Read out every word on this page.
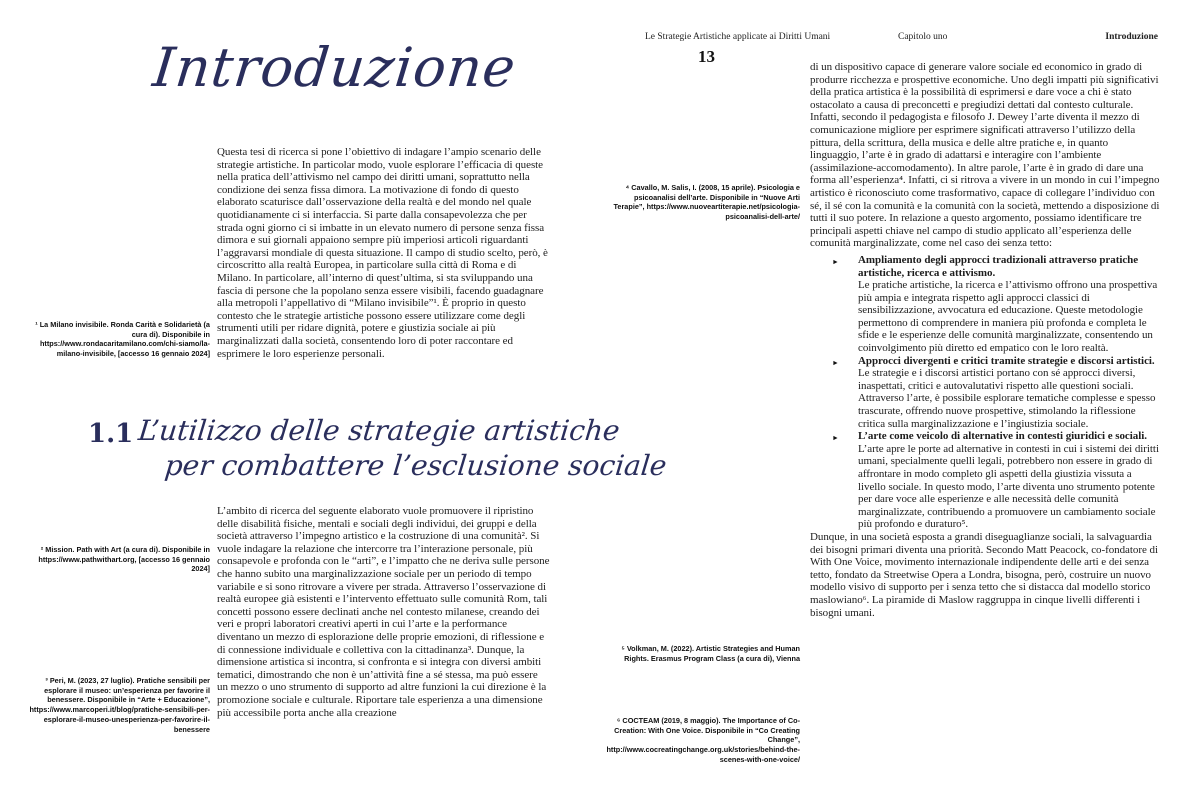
Introduzione
Questa tesi di ricerca si pone l’obiettivo di indagare l’ampio scenario delle strategie artistiche. In particolar modo, vuole esplorare l’efficacia di queste nella pratica dell’attivismo nel campo dei diritti umani, soprattutto nella condizione dei senza fissa dimora. La motivazione di fondo di questo elaborato scaturisce dall’osservazione della realtà e del mondo nel quale quotidianamente ci si interfaccia. Si parte dalla consapevolezza che per strada ogni giorno ci si imbatte in un elevato numero di persone senza fissa dimora e sui giornali appaiono sempre più imperiosi articoli riguardanti l’aggravarsi mondiale di questa situazione. Il campo di studio scelto, però, è circoscritto alla realtà Europea, in particolare sulla città di Roma e di Milano. In particolare, all’interno di quest’ultima, si sta sviluppando una fascia di persone che la popolano senza essere visibili, facendo guadagnare alla metropoli l’appellativo di “Milano invisibile”¹. È proprio in questo contesto che le strategie artistiche possono essere utilizzare come degli strumenti utili per ridare dignità, potere e giustizia sociale ai più marginalizzati dalla società, consentendo loro di poter raccontare ed esprimere le loro esperienze personali.
¹ La Milano invisibile. Ronda Carità e Solidarietà (a cura di). Disponibile in https://www.rondacaritamilano.com/chi-siamo/la-milano-invisibile, [accesso 16 gennaio 2024]
1.1 L’utilizzo delle strategie artistiche
per combattere l’esclusione sociale
L’ambito di ricerca del seguente elaborato vuole promuovere il ripristino delle disabilità fisiche, mentali e sociali degli individui, dei gruppi e della società attraverso l’impegno artistico e la costruzione di una comunità². Si vuole indagare la relazione che intercorre tra l’interazione personale, più consapevole e profonda con le “arti”, e l’impatto che ne deriva sulle persone che hanno subito una marginalizzazione sociale per un periodo di tempo variabile e si sono ritrovare a vivere per strada. Attraverso l’osservazione di realtà europee già esistenti e l’intervento effettuato sulle comunità Rom, tali concetti possono essere declinati anche nel contesto milanese, creando dei veri e propri laboratori creativi aperti in cui l’arte e la performance diventano un mezzo di esplorazione delle proprie emozioni, di riflessione e di connessione individuale e collettiva con la cittadinanza³. Dunque, la dimensione artistica si incontra, si confronta e si integra con diversi ambiti tematici, dimostrando che non è un’attività fine a sé stessa, ma può essere un mezzo o uno strumento di supporto ad altre funzioni la cui direzione è la promozione sociale e culturale. Riportare tale esperienza a una dimensione più accessibile porta anche alla creazione
² Mission. Path with Art (a cura di). Disponibile in https://www.pathwithart.org, [accesso 16 gennaio 2024]
³ Peri, M. (2023, 27 luglio). Pratiche sensibili per esplorare il museo: un’esperienza per favorire il benessere. Disponibile in “Arte + Educazione”, https://www.marcoperi.it/blog/pratiche-sensibili-per-esplorare-il-museo-unesperienza-per-favorire-il-benessere
Le Strategie Artistiche applicate ai Diritti Umani	Capitolo uno	Introduzione
13

di un dispositivo capace di generare valore sociale ed economico in grado di produrre ricchezza e prospettive economiche. Uno degli impatti più significativi della pratica artistica è la possibilità di esprimersi e dare voce a chi è stato ostacolato a causa di preconcetti e pregiudizi dettati dal contesto culturale. Infatti, secondo il pedagogista e filosofo J. Dewey l’arte diventa il mezzo di comunicazione migliore per esprimere significati attraverso l’utilizzo della pittura, della scrittura, della musica e delle altre pratiche e, in quanto linguaggio, l’arte è in grado di adattarsi e interagire con l’ambiente (assimilazione-accomodamento). In altre parole, l’arte è in grado di dare una forma all’esperienza⁴. Infatti, ci si ritrova a vivere in un mondo in cui l’impegno artistico è riconosciuto come trasformativo, capace di collegare l’individuo con sé, il sé con la comunità e la comunità con la società, mettendo a disposizione di tutti il suo potere. In relazione a questo argomento, possiamo identificare tre principali aspetti chiave nel campo di studio applicato all’esperienza delle comunità marginalizzate, come nel caso dei senza tetto:

► Ampliamento degli approcci tradizionali attraverso pratiche artistiche, ricerca e attivismo.
Le pratiche artistiche, la ricerca e l’attivismo offrono una prospettiva più ampia e integrata rispetto agli approcci classici di sensibilizzazione, avvocatura ed educazione. Queste metodologie permettono di comprendere in maniera più profonda e completa le sfide e le esperienze delle comunità marginalizzate, consentendo un coinvolgimento più diretto ed empatico con le loro realtà.
► Approcci divergenti e critici tramite strategie e discorsi artistici.
Le strategie e i discorsi artistici portano con sé approcci diversi, inaspettati, critici e autovalutativi rispetto alle questioni sociali. Attraverso l’arte, è possibile esplorare tematiche complesse e spesso trascurate, offrendo nuove prospettive, stimolando la riflessione critica sulla marginalizzazione e l’ingiustizia sociale.
► L’arte come veicolo di alternative in contesti giuridici e sociali.
L’arte apre le porte ad alternative in contesti in cui i sistemi dei diritti umani, specialmente quelli legali, potrebbero non essere in grado di affrontare in modo completo gli aspetti della giustizia vissuta a livello sociale. In questo modo, l’arte diventa uno strumento potente per dare voce alle esperienze e alle necessità delle comunità marginalizzate, contribuendo a promuovere un cambiamento sociale più profondo e duraturo⁵.

Dunque, in una società esposta a grandi diseguaglianze sociali, la salvaguardia dei bisogni primari diventa una priorità. Secondo Matt Peacock, co-fondatore di With One Voice, movimento internazionale indipendente delle arti e dei senza tetto, fondato da Streetwise Opera a Londra, bisogna, però, costruire un nuovo modello visivo di supporto per i senza tetto che si distacca dal modello storico maslowiano⁶. La piramide di Maslow raggruppa in cinque livelli differenti i bisogni umani.

⁴ Cavallo, M. Salis, I. (2008, 15 aprile). Psicologia e psicoanalisi dell’arte. Disponibile in “Nuove Arti Terapie”, https://www.nuoveartiterapie.net/psicologia-psicoanalisi-dell-arte/
⁵ Volkman, M. (2022). Artistic Strategies and Human Rights. Erasmus Program Class (a cura di), Vienna
⁶ COCTEAM (2019, 8 maggio). The Importance of Co-Creation: With One Voice. Disponibile in “Co Creating Change”, http://www.cocreatingchange.org.uk/stories/behind-the-scenes-with-one-voice/
